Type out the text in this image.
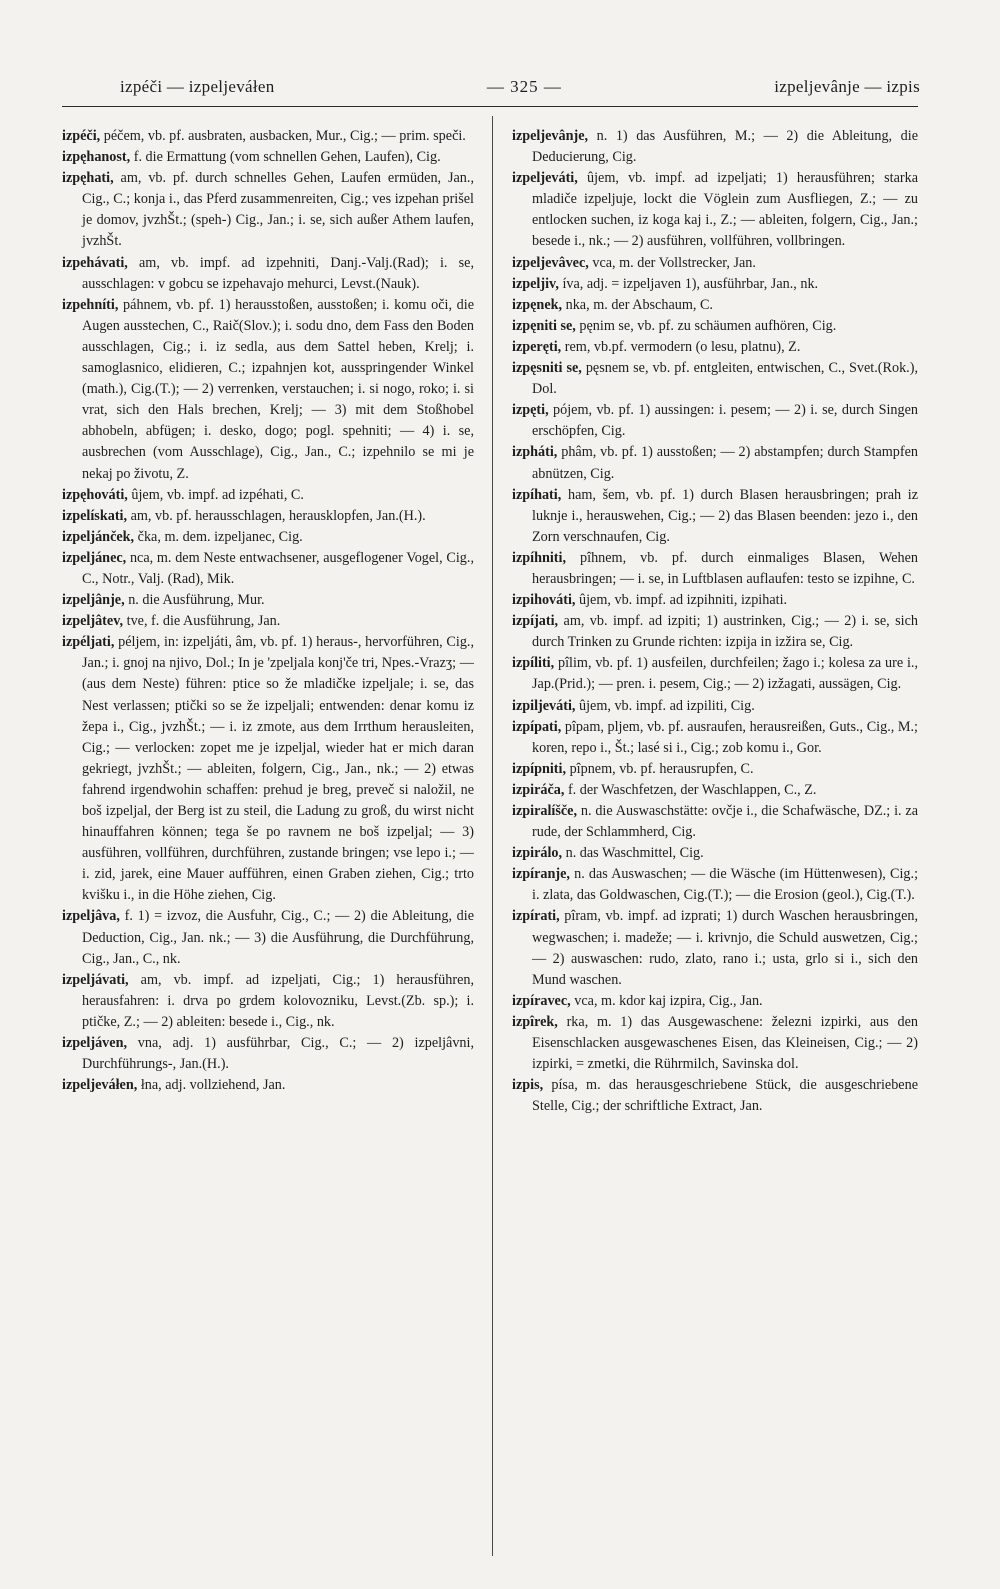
izpéči — izpeljeváłen	— 325 —	izpeljevânje — izpis

izpéči, péčem, vb. pf. ausbraten, ausbacken, Mur., Cig.; — prim. speči.

izpęhanost, f. die Ermattung (vom schnellen Gehen, Laufen), Cig.

izpęhati, am, vb. pf. durch schnelles Gehen, Laufen ermüden, Jan., Cig., C.; konja i., das Pferd zusammenreiten, Cig.; ves izpehan prišel je domov, jvzhŠt.; (speh-) Cig., Jan.; i. se, sich außer Athem laufen, jvzhŠt.

izpehávati, am, vb. impf. ad izpehniti, Danj.-Valj.(Rad); i. se, ausschlagen: v gobcu se izpehavajo mehurci, Levst.(Nauk).

izpehníti, páhnem, vb. pf. 1) herausstoßen, ausstoßen; i. komu oči, die Augen ausstechen, C., Raič(Slov.); i. sodu dno, dem Fass den Boden ausschlagen, Cig.; i. iz sedla, aus dem Sattel heben, Krelj; i. samoglasnico, elidieren, C.; izpahnjen kot, ausspringender Winkel (math.), Cig.(T.); — 2) verrenken, verstauchen; i. si nogo, roko; i. si vrat, sich den Hals brechen, Krelj; — 3) mit dem Stoßhobel abhobeln, abfügen; i. desko, dogo; pogl. spehniti; — 4) i. se, ausbrechen (vom Ausschlage), Cig., Jan., C.; izpehnilo se mi je nekaj po životu, Z.

izpęhováti, ûjem, vb. impf. ad izpéhati, C.

izpelískati, am, vb. pf. herausschlagen, herausklopfen, Jan.(H.).

izpeljánček, čka, m. dem. izpeljanec, Cig.

izpeljánec, nca, m. dem Neste entwachsener, ausgeflogener Vogel, Cig., C., Notr., Valj. (Rad), Mik.

izpeljânje, n. die Ausführung, Mur.

izpeljâtev, tve, f. die Ausführung, Jan.

izpéljati, péljem, in: izpeljáti, âm, vb. pf. 1) heraus-, hervorführen, Cig., Jan.; i. gnoj na njivo, Dol.; In je 'zpeljala konj'če tri, Npes.-Vrazʒ; — (aus dem Neste) führen: ptice so že mladičke izpeljale; i. se, das Nest verlassen; ptički so se že izpeljali; entwenden: denar komu iz žepa i., Cig., jvzhŠt.; — i. iz zmote, aus dem Irrthum herausleiten, Cig.; — verlocken: zopet me je izpeljal, wieder hat er mich daran gekriegt, jvzhŠt.; — ableiten, folgern, Cig., Jan., nk.; — 2) etwas fahrend irgendwohin schaffen: prehud je breg, preveč si naložil, ne boš izpeljal, der Berg ist zu steil, die Ladung zu groß, du wirst nicht hinauffahren können; tega še po ravnem ne boš izpeljal; — 3) ausführen, vollführen, durchführen, zustande bringen; vse lepo i.; — i. zid, jarek, eine Mauer aufführen, einen Graben ziehen, Cig.; trto kvišku i., in die Höhe ziehen, Cig.

izpeljâva, f. 1) = izvoz, die Ausfuhr, Cig., C.; — 2) die Ableitung, die Deduction, Cig., Jan. nk.; — 3) die Ausführung, die Durchführung, Cig., Jan., C., nk.

izpeljávati, am, vb. impf. ad izpeljati, Cig.; 1) herausführen, herausfahren: i. drva po grdem kolovozniku, Levst.(Zb. sp.); i. ptičke, Z.; — 2) ableiten: besede i., Cig., nk.

izpeljáven, vna, adj. 1) ausführbar, Cig., C.; — 2) izpeljâvni, Durchführungs-, Jan.(H.).

izpeljeváłen, łna, adj. vollziehend, Jan.

izpeljevânje, n. 1) das Ausführen, M.; — 2) die Ableitung, die Deducierung, Cig.

izpeljeváti, ûjem, vb. impf. ad izpeljati; 1) herausführen; starka mladiče izpeljuje, lockt die Vöglein zum Ausfliegen, Z.; — zu entlocken suchen, iz koga kaj i., Z.; — ableiten, folgern, Cig., Jan.; besede i., nk.; — 2) ausführen, vollführen, vollbringen.

izpeljevâvec, vca, m. der Vollstrecker, Jan.

izpeljiv, íva, adj. = izpeljaven 1), ausführbar, Jan., nk.

izpęnek, nka, m. der Abschaum, C.

izpęniti se, pęnim se, vb. pf. zu schäumen aufhören, Cig.

izperęti, rem, vb.pf. vermodern (o lesu, platnu), Z.

izpęsniti se, pęsnem se, vb. pf. entgleiten, entwischen, C., Svet.(Rok.), Dol.

izpęti, pójem, vb. pf. 1) aussingen: i. pesem; — 2) i. se, durch Singen erschöpfen, Cig.

izpháti, phâm, vb. pf. 1) ausstoßen; — 2) abstampfen; durch Stampfen abnützen, Cig.

izpíhati, ham, šem, vb. pf. 1) durch Blasen herausbringen; prah iz luknje i., herauswehen, Cig.; — 2) das Blasen beenden: jezo i., den Zorn verschnaufen, Cig.

izpíhniti, pîhnem, vb. pf. durch einmaliges Blasen, Wehen herausbringen; — i. se, in Luftblasen auflaufen: testo se izpihne, C.

izpihováti, ûjem, vb. impf. ad izpihniti, izpihati.

izpíjati, am, vb. impf. ad izpiti; 1) austrinken, Cig.; — 2) i. se, sich durch Trinken zu Grunde richten: izpija in izžira se, Cig.

izpíliti, pîlim, vb. pf. 1) ausfeilen, durchfeilen; žago i.; kolesa za ure i., Jap.(Prid.); — pren. i. pesem, Cig.; — 2) izžagati, aussägen, Cig.

izpiljeváti, ûjem, vb. impf. ad izpiliti, Cig.

izpípati, pîpam, pljem, vb. pf. ausraufen, herausreißen, Guts., Cig., M.; koren, repo i., Št.; lasé si i., Cig.; zob komu i., Gor.

izpípniti, pîpnem, vb. pf. herausrupfen, C.

izpiráča, f. der Waschfetzen, der Waschlappen, C., Z.

izpiralíšče, n. die Auswaschstätte: ovčje i., die Schafwäsche, DZ.; i. za rude, der Schlammherd, Cig.

izpirálo, n. das Waschmittel, Cig.

izpíranje, n. das Auswaschen; — die Wäsche (im Hüttenwesen), Cig.; i. zlata, das Goldwaschen, Cig.(T.); — die Erosion (geol.), Cig.(T.).

izpírati, pîram, vb. impf. ad izprati; 1) durch Waschen herausbringen, wegwaschen; i. madeže; — i. krivnjo, die Schuld auswetzen, Cig.; — 2) auswaschen: rudo, zlato, rano i.; usta, grlo si i., sich den Mund waschen.

izpíravec, vca, m. kdor kaj izpira, Cig., Jan.

izpîrek, rka, m. 1) das Ausgewaschene: železni izpirki, aus den Eisenschlacken ausgewaschenes Eisen, das Kleineisen, Cig.; — 2) izpirki, = zmetki, die Rührmilch, Savinska dol.

izpis, písa, m. das herausgeschriebene Stück, die ausgeschriebene Stelle, Cig.; der schriftliche Extract, Jan.
